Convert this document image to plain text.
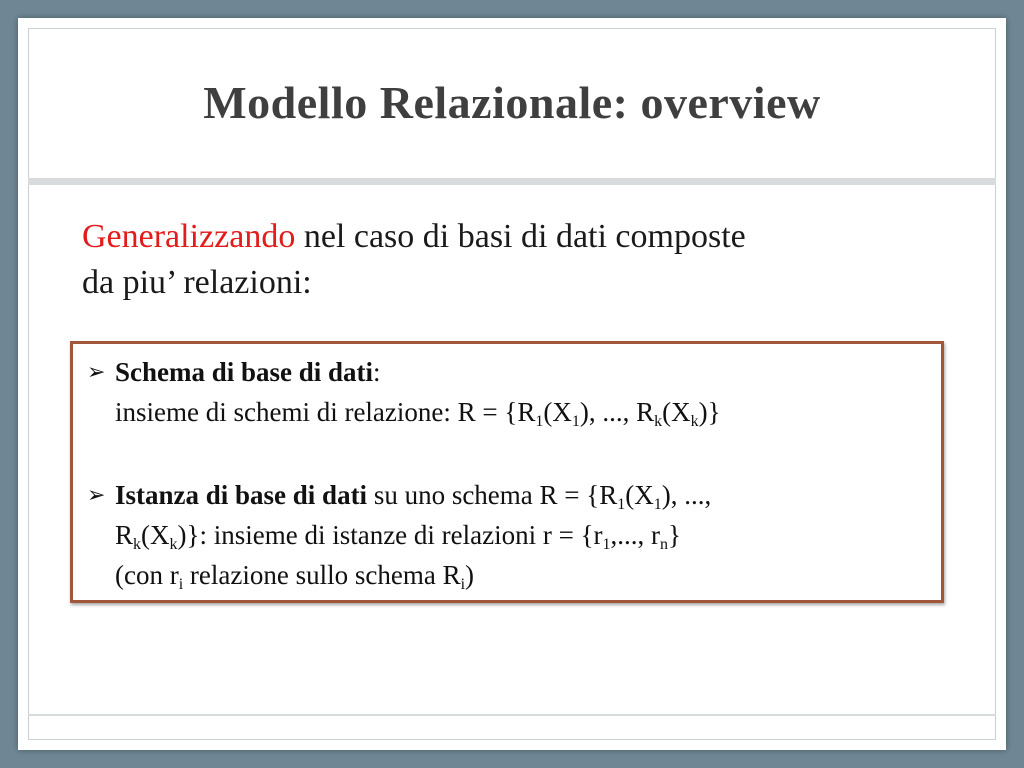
Modello Relazionale: overview
Generalizzando nel caso di basi di dati composte
da piu’ relazioni:
➢ Schema di base di dati:
insieme di schemi di relazione: $R = \{R_1(X_1)$, ..., $R_k(X_k)$}
➢ Istanza di base di dati su uno schema $R = \{R_1(X_1)$, ...,
$R_k(X_k)$}: insieme di istanze di relazioni $r = \{r_1$,..., $r_n$}
(con $r_i$ relazione sullo schema $R_i$)
